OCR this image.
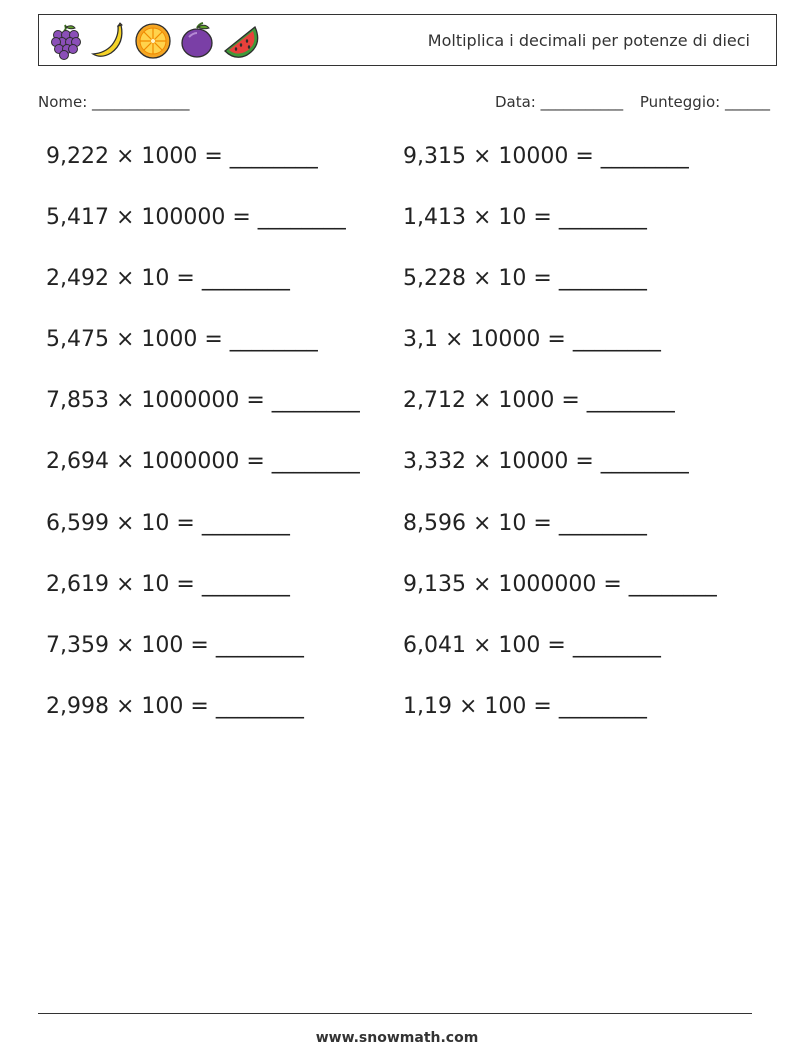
Moltiplica i decimali per potenze di dieci
Nome: _____________	Data: ___________ Punteggio: ______
9,222 × 1000 = ________	9,315 × 10000 = ________
5,417 × 100000 = ________	1,413 × 10 = ________
2,492 × 10 = ________	5,228 × 10 = ________
5,475 × 1000 = ________	3,1 × 10000 = ________
7,853 × 1000000 = ________	2,712 × 1000 = ________
2,694 × 1000000 = ________	3,332 × 10000 = ________
6,599 × 10 = ________	8,596 × 10 = ________
2,619 × 10 = ________	9,135 × 1000000 = ________
7,359 × 100 = ________	6,041 × 100 = ________
2,998 × 100 = ________	1,19 × 100 = ________
www.snowmath.com
